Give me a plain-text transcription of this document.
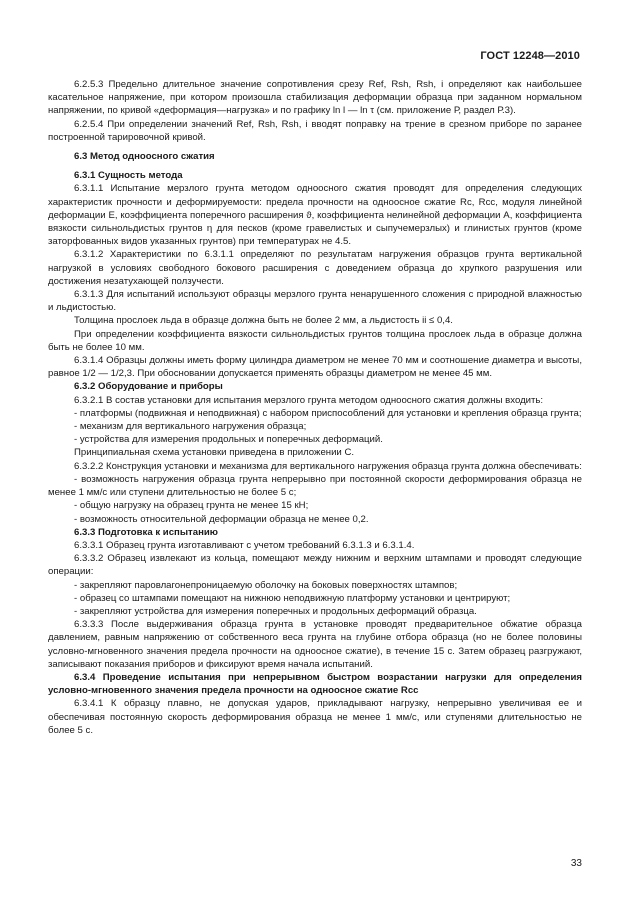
ГОСТ 12248—2010

6.2.5.3 Предельно длительное значение сопротивления срезу Ref, Rsh, Rsh, i определяют как наибольшее касательное напряжение, при котором произошла стабилизация деформации образца при заданном нормальном напряжении, по кривой «деформация—нагрузка» и по графику ln l — ln τ (см. приложение Р, раздел Р.3).

6.2.5.4 При определении значений Ref, Rsh, Rsh, i вводят поправку на трение в срезном приборе по заранее построенной тарировочной кривой.

6.3 Метод одноосного сжатия

6.3.1 Сущность метода

6.3.1.1 Испытание мерзлого грунта методом одноосного сжатия проводят для определения следующих характеристик прочности и деформируемости: предела прочности на одноосное сжатие Rc, Rcc, модуля линейной деформации E, коэффициента поперечного расширения ϑ, коэффициента нелинейной деформации A, коэффициента вязкости сильнольдистых грунтов η для песков (кроме гравелистых и сыпучемерзлых) и глинистых грунтов (кроме заторфованных видов указанных грунтов) при температурах не 4.5.

6.3.1.2 Характеристики по 6.3.1.1 определяют по результатам нагружения образцов грунта вертикальной нагрузкой в условиях свободного бокового расширения с доведением образца до хрупкого разрушения или достижения незатухающей ползучести.

6.3.1.3 Для испытаний используют образцы мерзлого грунта ненарушенного сложения с природной влажностью и льдистостью.

Толщина прослоек льда в образце должна быть не более 2 мм, а льдистость ii ≤ 0,4.

При определении коэффициента вязкости сильнольдистых грунтов толщина прослоек льда в образце должна быть не более 10 мм.

6.3.1.4 Образцы должны иметь форму цилиндра диаметром не менее 70 мм и соотношение диаметра и высоты, равное 1/2 — 1/2,3. При обосновании допускается применять образцы диаметром не менее 45 мм.

6.3.2 Оборудование и приборы

6.3.2.1 В состав установки для испытания мерзлого грунта методом одноосного сжатия должны входить:

- платформы (подвижная и неподвижная) с набором приспособлений для установки и крепления образца грунта;

- механизм для вертикального нагружения образца;

- устройства для измерения продольных и поперечных деформаций.

Принципиальная схема установки приведена в приложении С.

6.3.2.2 Конструкция установки и механизма для вертикального нагружения образца грунта должна обеспечивать:

- возможность нагружения образца грунта непрерывно при постоянной скорости деформирования образца не менее 1 мм/с или ступени длительностью не более 5 с;

- общую нагрузку на образец грунта не менее 15 кН;

- возможность относительной деформации образца не менее 0,2.

6.3.3 Подготовка к испытанию

6.3.3.1 Образец грунта изготавливают с учетом требований 6.3.1.3 и 6.3.1.4.

6.3.3.2 Образец извлекают из кольца, помещают между нижним и верхним штампами и проводят следующие операции:

- закрепляют паровлагонепроницаемую оболочку на боковых поверхностях штампов;

- образец со штампами помещают на нижнюю неподвижную платформу установки и центрируют;

- закрепляют устройства для измерения поперечных и продольных деформаций образца.

6.3.3.3 После выдерживания образца грунта в установке проводят предварительное обжатие образца давлением, равным напряжению от собственного веса грунта на глубине отбора образца (но не более половины условно-мгновенного значения предела прочности на одноосное сжатие), в течение 15 с. Затем образец разгружают, записывают показания приборов и фиксируют время начала испытаний.

6.3.4 Проведение испытания при непрерывном быстром возрастании нагрузки для определения условно-мгновенного значения предела прочности на одноосное сжатие Rcc

6.3.4.1 К образцу плавно, не допуская ударов, прикладывают нагрузку, непрерывно увеличивая ее и обеспечивая постоянную скорость деформирования образца не менее 1 мм/с, или ступенями длительностью не более 5 с.

33
